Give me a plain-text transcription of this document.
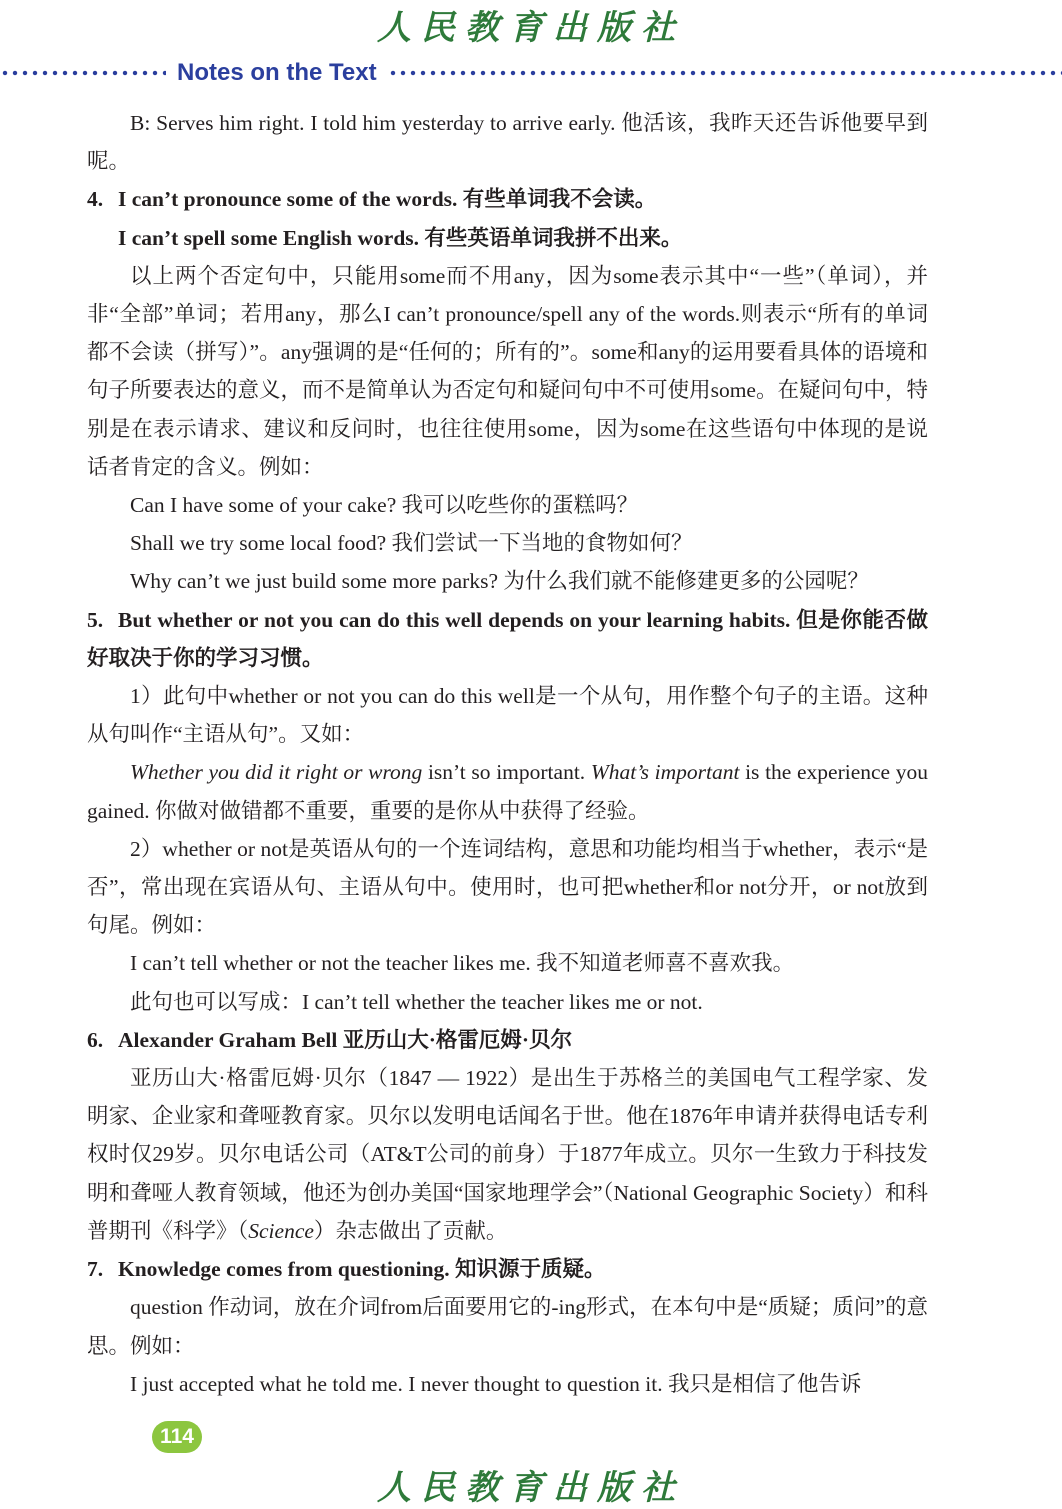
人民教育出版社
Notes on the Text

B: Serves him right. I told him yesterday to arrive early. 他活该，我昨天还告诉他要早到呢。

4. I can’t pronounce some of the words. 有些单词我不会读。

I can’t spell some English words. 有些英语单词我拼不出来。

以上两个否定句中，只能用some而不用any，因为some表示其中“一些”（单词），并非“全部”单词；若用any，那么I can’t pronounce/spell any of the words.则表示“所有的单词都不会读（拼写）”。any强调的是“任何的；所有的”。some和any的运用要看具体的语境和句子所要表达的意义，而不是简单认为否定句和疑问句中不可使用some。在疑问句中，特别是在表示请求、建议和反问时，也往往使用some，因为some在这些语句中体现的是说话者肯定的含义。例如：

Can I have some of your cake? 我可以吃些你的蛋糕吗？

Shall we try some local food? 我们尝试一下当地的食物如何？

Why can’t we just build some more parks? 为什么我们就不能修建更多的公园呢？

5. But whether or not you can do this well depends on your learning habits. 但是你能否做好取决于你的学习习惯。

1）此句中whether or not you can do this well是一个从句，用作整个句子的主语。这种从句叫作“主语从句”。又如：

Whether you did it right or wrong isn’t so important. What’s important is the experience you gained. 你做对做错都不重要，重要的是你从中获得了经验。

2）whether or not是英语从句的一个连词结构，意思和功能均相当于whether，表示“是否”，常出现在宾语从句、主语从句中。使用时，也可把whether和or not分开，or not放到句尾。例如：

I can’t tell whether or not the teacher likes me. 我不知道老师喜不喜欢我。

此句也可以写成：I can’t tell whether the teacher likes me or not.

6. Alexander Graham Bell 亚历山大·格雷厄姆·贝尔

亚历山大·格雷厄姆·贝尔（1847 — 1922）是出生于苏格兰的美国电气工程学家、发明家、企业家和聋哑教育家。贝尔以发明电话闻名于世。他在1876年申请并获得电话专利权时仅29岁。贝尔电话公司（AT&T公司的前身）于1877年成立。贝尔一生致力于科技发明和聋哑人教育领域，他还为创办美国“国家地理学会”（National Geographic Society）和科普期刊《科学》（Science）杂志做出了贡献。

7. Knowledge comes from questioning. 知识源于质疑。

question 作动词，放在介词from后面要用它的-ing形式，在本句中是“质疑；质问”的意思。例如：

I just accepted what he told me. I never thought to question it. 我只是相信了他告诉

114
人民教育出版社
